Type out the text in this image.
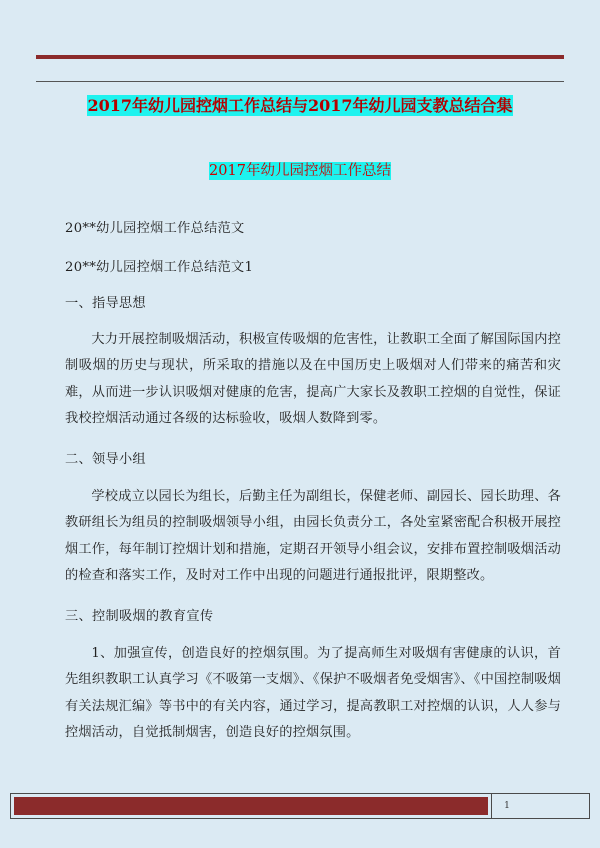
2017年幼儿园控烟工作总结与2017年幼儿园支教总结合集
2017年幼儿园控烟工作总结

20**幼儿园控烟工作总结范文

20**幼儿园控烟工作总结范文1

一、指导思想

大力开展控制吸烟活动，积极宣传吸烟的危害性，让教职工全面了解国际国内控制吸烟的历史与现状，所采取的措施以及在中国历史上吸烟对人们带来的痛苦和灾难，从而进一步认识吸烟对健康的危害，提高广大家长及教职工控烟的自觉性，保证我校控烟活动通过各级的达标验收，吸烟人数降到零。

二、领导小组

学校成立以园长为组长，后勤主任为副组长，保健老师、副园长、园长助理、各教研组长为组员的控制吸烟领导小组，由园长负责分工，各处室紧密配合积极开展控烟工作，每年制订控烟计划和措施，定期召开领导小组会议，安排布置控制吸烟活动的检查和落实工作，及时对工作中出现的问题进行通报批评，限期整改。

三、控制吸烟的教育宣传

1、加强宣传，创造良好的控烟氛围。为了提高师生对吸烟有害健康的认识，首先组织教职工认真学习《不吸第一支烟》、《保护不吸烟者免受烟害》、《中国控制吸烟有关法规汇编》等书中的有关内容，通过学习，提高教职工对控烟的认识，人人参与控烟活动，自觉抵制烟害，创造良好的控烟氛围。

1
